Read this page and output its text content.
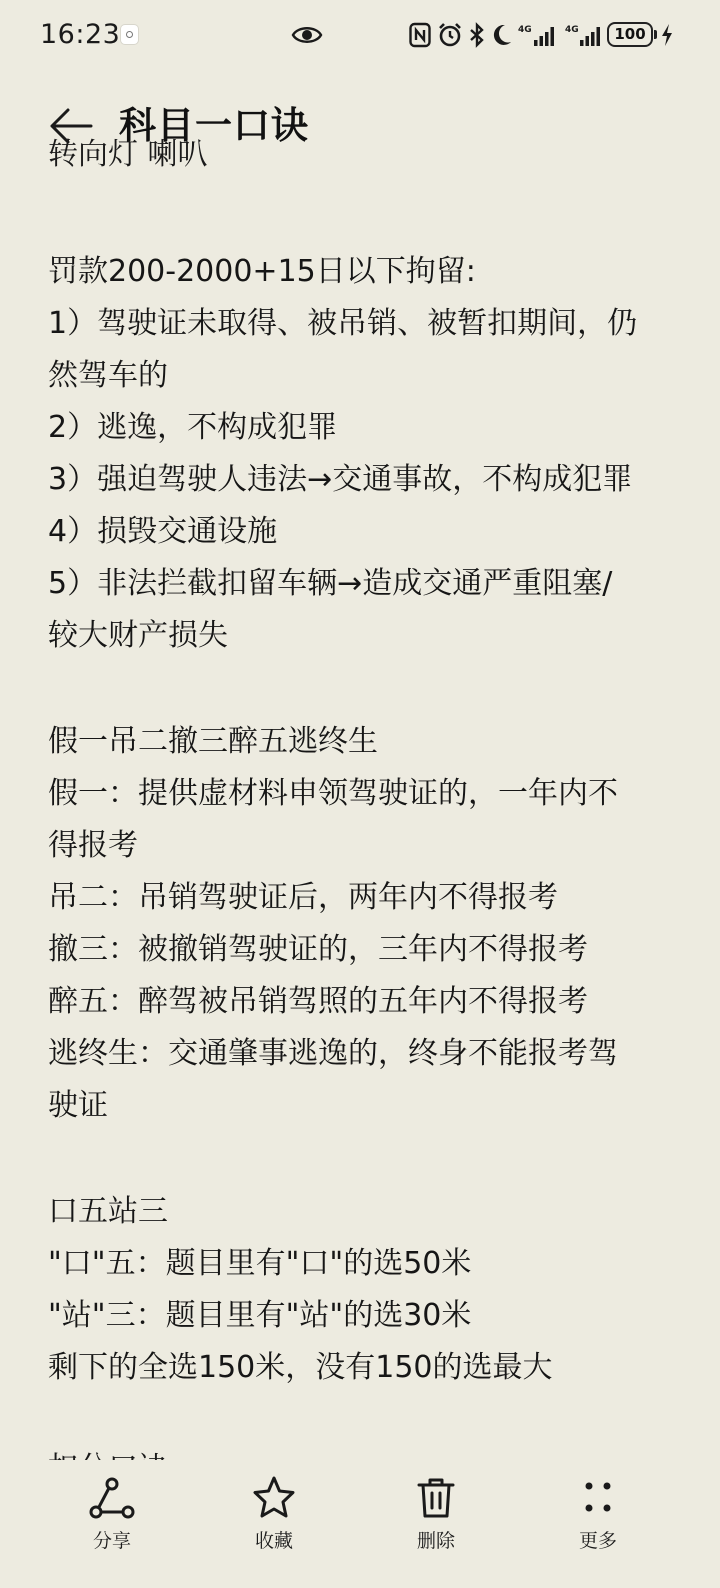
16:23	4G	4G	100
科目一口诀
转向灯 喇叭
罚款200-2000+15日以下拘留:
1）驾驶证未取得、被吊销、被暂扣期间，仍
然驾车的
2）逃逸，不构成犯罪
3）强迫驾驶人违法→交通事故，不构成犯罪
4）损毁交通设施
5）非法拦截扣留车辆→造成交通严重阻塞/
较大财产损失
假一吊二撤三醉五逃终生
假一：提供虚材料申领驾驶证的，一年内不
得报考
吊二：吊销驾驶证后，两年内不得报考
撤三：被撤销驾驶证的，三年内不得报考
醉五：醉驾被吊销驾照的五年内不得报考
逃终生：交通肇事逃逸的，终身不能报考驾
驶证
口五站三
"口"五：题目里有"口"的选50米
"站"三：题目里有"站"的选30米
剩下的全选150米，没有150的选最大
分享	收藏	删除	更多
